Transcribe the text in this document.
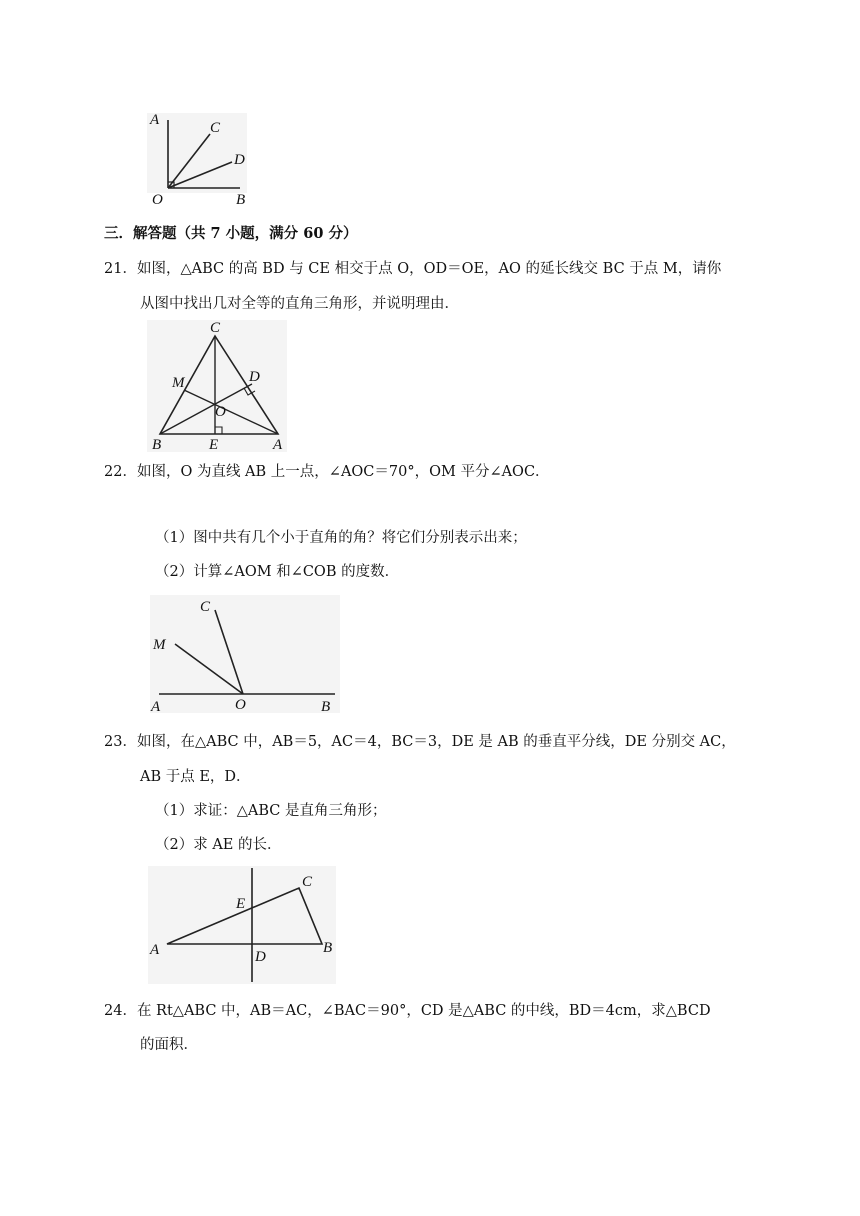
A	C
D
O	B
三．解答题（共 7 小题，满分 60 分）
21．如图，△ABC 的高 BD 与 CE 相交于点 O，OD＝OE，AO 的延长线交 BC 于点 M，请你
从图中找出几对全等的直角三角形，并说明理由．
C
M	D
O
B	E	A
22．如图，O 为直线 AB 上一点，∠AOC＝70°，OM 平分∠AOC．
（1）图中共有几个小于直角的角？将它们分别表示出来；
（2）计算∠AOM 和∠COB 的度数．
C
M
A	O	B
23．如图，在△ABC 中，AB＝5，AC＝4，BC＝3，DE 是 AB 的垂直平分线，DE 分别交 AC，
AB 于点 E，D．
（1）求证：△ABC 是直角三角形；
（2）求 AE 的长．
C
E
A	D
B
24．在 Rt△ABC 中，AB＝AC，∠BAC＝90°，CD 是△ABC 的中线，BD＝4cm，求△BCD
的面积．
